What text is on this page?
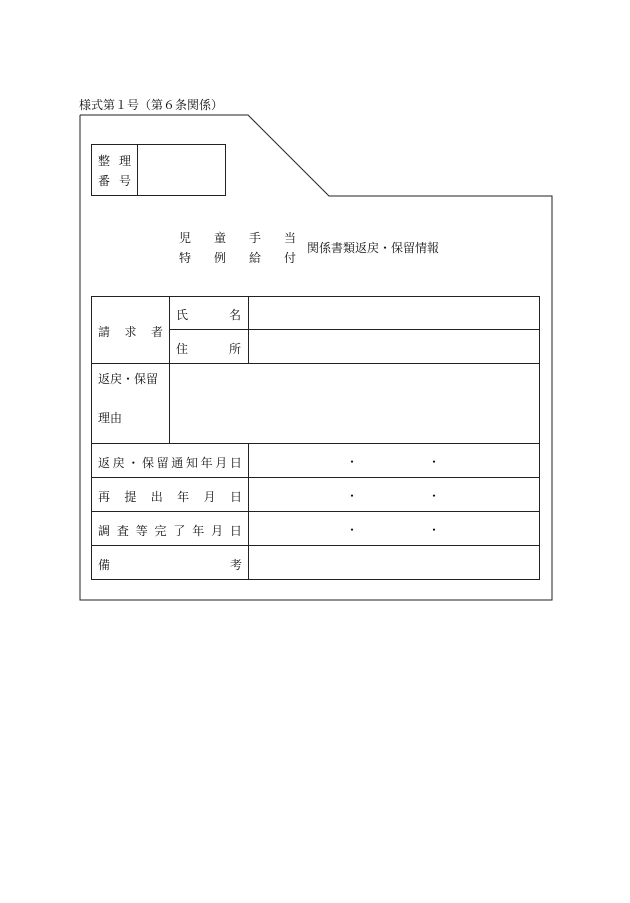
様式第１号（第６条関係）
整 理
番 号
児 童 手 当
特 例 給 付
関係書類返戻・保留情報
請 求 者
氏	名
住	所
返戻・保留
理由
返 戻 ・ 保 留 通 知 年 月 日	・	・
再 提 出 年 月 日	・	・
調 査 等 完 了 年 月 日	・	・
備	考
